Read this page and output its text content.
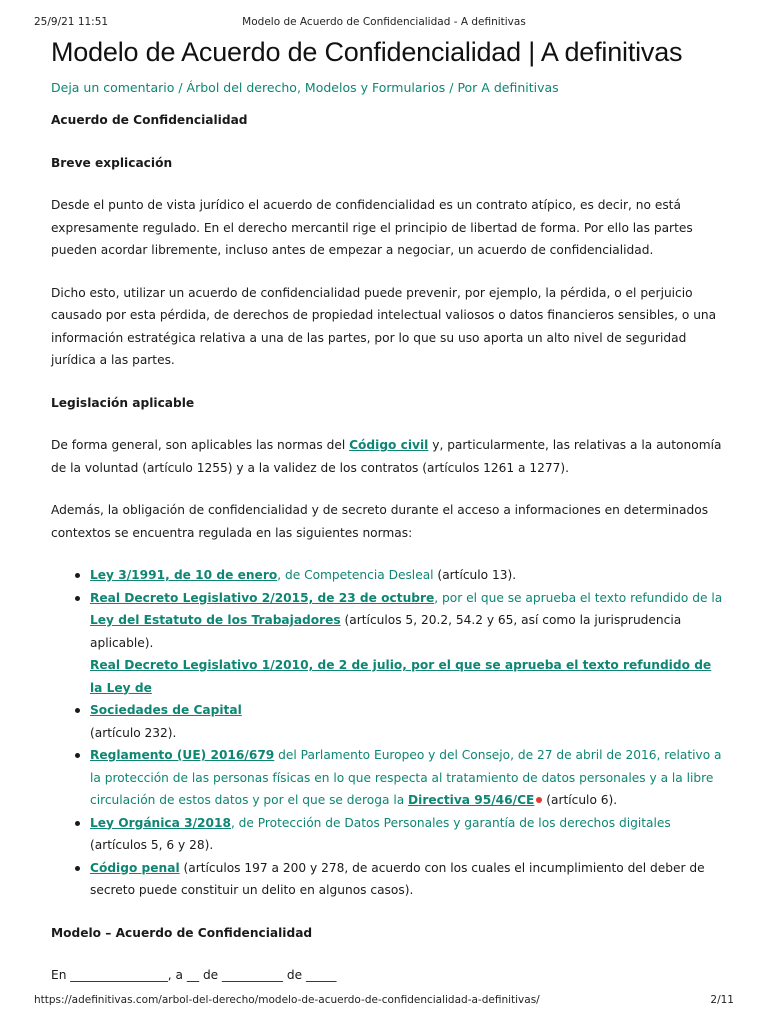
25/9/21 11:51	Modelo de Acuerdo de Confidencialidad - A definitivas
Modelo de Acuerdo de Confidencialidad | A definitivas
Deja un comentario / Árbol del derecho, Modelos y Formularios / Por A definitivas

Acuerdo de Confidencialidad

Breve explicación

Desde el punto de vista jurídico el acuerdo de confidencialidad es un contrato atípico, es decir, no está expresamente regulado. En el derecho mercantil rige el principio de libertad de forma. Por ello las partes pueden acordar libremente, incluso antes de empezar a negociar, un acuerdo de confidencialidad.

Dicho esto, utilizar un acuerdo de confidencialidad puede prevenir, por ejemplo, la pérdida, o el perjuicio causado por esta pérdida, de derechos de propiedad intelectual valiosos o datos financieros sensibles, o una información estratégica relativa a una de las partes, por lo que su uso aporta un alto nivel de seguridad jurídica a las partes.

Legislación aplicable

De forma general, son aplicables las normas del Código civil y, particularmente, las relativas a la autonomía de la voluntad (artículo 1255) y a la validez de los contratos (artículos 1261 a 1277).

Además, la obligación de confidencialidad y de secreto durante el acceso a informaciones en determinados contextos se encuentra regulada en las siguientes normas:

Ley 3/1991, de 10 de enero, de Competencia Desleal (artículo 13).
Real Decreto Legislativo 2/2015, de 23 de octubre, por el que se aprueba el texto refundido de la Ley del Estatuto de los Trabajadores (artículos 5, 20.2, 54.2 y 65, así como la jurisprudencia aplicable).
Real Decreto Legislativo 1/2010, de 2 de julio, por el que se aprueba el texto refundido de la Ley de
Sociedades de Capital
(artículo 232).
Reglamento (UE) 2016/679 del Parlamento Europeo y del Consejo, de 27 de abril de 2016, relativo a la protección de las personas físicas en lo que respecta al tratamiento de datos personales y a la libre circulación de estos datos y por el que se deroga la Directiva 95/46/CE (artículo 6).
Ley Orgánica 3/2018, de Protección de Datos Personales y garantía de los derechos digitales (artículos 5, 6 y 28).
Código penal (artículos 197 a 200 y 278, de acuerdo con los cuales el incumplimiento del deber de secreto puede constituir un delito en algunos casos).

Modelo – Acuerdo de Confidencialidad

En ________________, a __ de __________ de _____

https://adefinitivas.com/arbol-del-derecho/modelo-de-acuerdo-de-confidencialidad-a-definitivas/	2/11
